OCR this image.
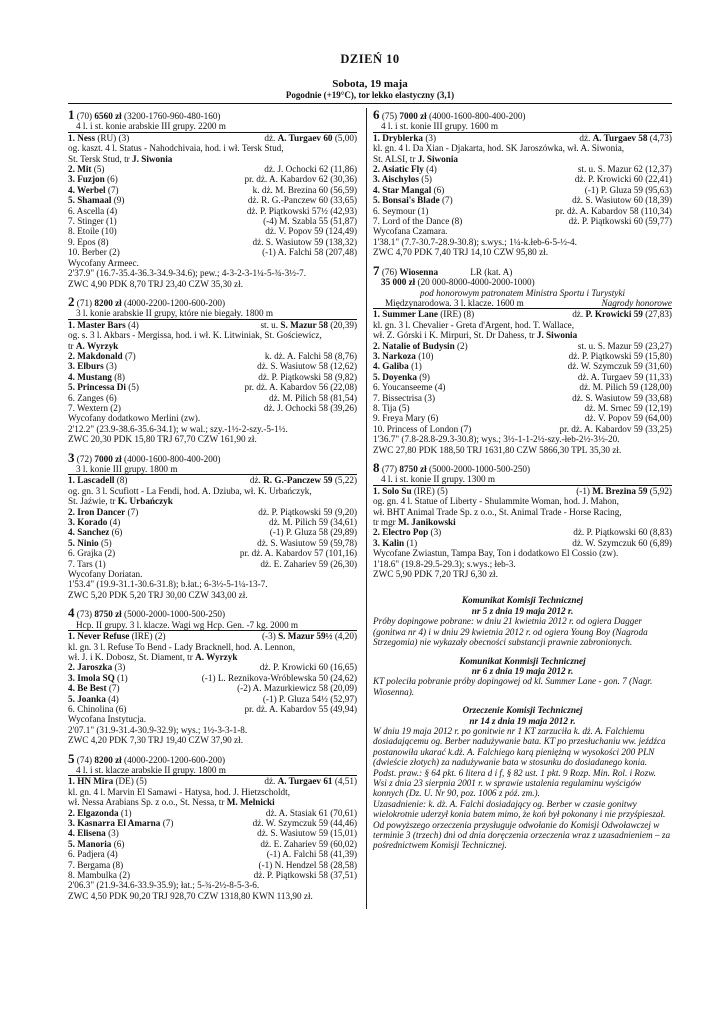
DZIEŃ 10
Sobota, 19 maja
Pogodnie (+19°C), tor lekko elastyczny (3,1)
1 (70) 6560 zł (3200-1760-960-480-160)
4 l. i st. konie arabskie III grupy. 2200 m
1. Ness (RU) (3)	dż. A. Turgaev 60 (5,00)
og. kaszt. 4 l. Status - Nahodchivaia, hod. i wł. Tersk Stud,
St. Tersk Stud, tr J. Siwonia
2. Mit (5)	dż. J. Ochocki 62 (11,86)
3. Fuzjon (6)	pr. dż. A. Kabardov 62 (30,36)
4. Werbel (7)	k. dż. M. Brezina 60 (56,59)
5. Shamaal (9)	dż. R. G.-Panczew 60 (33,65)
6. Ascella (4)	dż. P. Piątkowski 57½ (42,93)
7. Stinger (1)	(-4) M. Szabla 55 (51,87)
8. Etoile (10)	dż. V. Popov 59 (124,49)
9. Epos (8)	dż. S. Wasiutow 59 (138,32)
10. Berber (2)	(-1) A. Falchi 58 (207,48)
Wycofany Armeec.
2'37.9" (16.7-35.4-36.3-34.9-34.6); pew.; 4-3-2-3-1¼-5-¾-3½-7.
ZWC 4,90 PDK 8,70 TRJ 23,40 CZW 35,30 zł.
2 (71) 8200 zł (4000-2200-1200-600-200)
3 l. konie arabskie II grupy, które nie biegały. 1800 m
1. Master Bars (4)	st. u. S. Mazur 58 (20,39)
og. s. 3 l. Akbars - Mergissa, hod. i wł. K. Litwiniak, St. Gościewicz,
tr A. Wyrzyk
2. Makdonald (7)	k. dż. A. Falchi 58 (8,76)
3. Elburs (3)	dż. S. Wasiutow 58 (12,62)
4. Mustang (8)	dż. P. Piątkowski 58 (9,82)
5. Princessa Di (5)	pr. dż. A. Kabardov 56 (22,08)
6. Zanges (6)	dż. M. Pilich 58 (81,54)
7. Wextern (2)	dż. J. Ochocki 58 (39,26)
Wycofany dodatkowo Merlini (zw).
2'12.2" (23.9-38.6-35.6-34.1); w wal.; szy.-1½-2-szy.-5-1½.
ZWC 20,30 PDK 15,80 TRJ 67,70 CZW 161,90 zł.
3 (72) 7000 zł (4000-1600-800-400-200)
3 l. konie III grupy. 1800 m
1. Lascadell (8)	dż. R. G.-Panczew 59 (5,22)
og. gn. 3 l. Scufiott - La Fendi, hod. A. Dziuba, wł. K. Urbańczyk,
St. Jaźwie, tr K. Urbańczyk
2. Iron Dancer (7)	dż. P. Piątkowski 59 (9,20)
3. Korado (4)	dż. M. Pilich 59 (34,61)
4. Sanchez (6)	(-1) P. Gluza 58 (29,89)
5. Ninio (5)	dż. S. Wasiutow 59 (59,78)
6. Grajka (2)	pr. dż. A. Kabardov 57 (101,16)
7. Tars (1)	dż. E. Zahariev 59 (26,30)
Wycofany Doriatan.
1'53.4" (19.9-31.1-30.6-31.8); b.łat.; 6-3½-5-1¼-13-7.
ZWC 5,20 PDK 5,20 TRJ 30,00 CZW 343,00 zł.
4 (73) 8750 zł (5000-2000-1000-500-250)
Hcp. II grupy. 3 l. klacze. Wagi wg Hcp. Gen. -7 kg. 2000 m
1. Never Refuse (IRE) (2)	(-3) S. Mazur 59½ (4,20)
kl. gn. 3 l. Refuse To Bend - Lady Bracknell, hod. A. Lennon,
wł. J. i K. Dobosz, St. Diament, tr A. Wyrzyk
2. Jaroszka (3)	dż. P. Krowicki 60 (16,65)
3. Imola SQ (1)	(-1) L. Reznikova-Wróblewska 50 (24,62)
4. Be Best (7)	(-2) A. Mazurkiewicz 58 (20,09)
5. Joanka (4)	(-1) P. Gluza 54½ (52,97)
6. Chinolina (6)	pr. dż. A. Kabardov 55 (49,94)
Wycofana Instytucja.
2'07.1" (31.9-31.4-30.9-32.9); wys.; 1½-3-3-1-8.
ZWC 4,20 PDK 7,30 TRJ 19,40 CZW 37,90 zł.
5 (74) 8200 zł (4000-2200-1200-600-200)
4 l. i st. klacze arabskie II grupy. 1800 m
1. HN Mira (DE) (5)	dż. A. Turgaev 61 (4,51)
kl. gn. 4 l. Marvin El Samawi - Hatysa, hod. J. Hietzscholdt,
wł. Nessa Arabians Sp. z o.o., St. Nessa, tr M. Melnicki
2. Elgazonda (1)	dż. A. Stasiak 61 (70,61)
3. Kasnarra El Amarna (7)	dż. W. Szymczuk 59 (44,46)
4. Elisena (3)	dż. S. Wasiutow 59 (15,01)
5. Manoria (6)	dż. E. Zahariev 59 (60,02)
6. Padjera (4)	(-1) A. Falchi 58 (41,39)
7. Bergama (8)	(-1) N. Hendzel 58 (28,58)
8. Mambulka (2)	dż. P. Piątkowski 58 (37,51)
2'06.3" (21.9-34.6-33.9-35.9); łat.; 5-¾-2½-8-5-3-6.
ZWC 4,50 PDK 90,20 TRJ 928,70 CZW 1318,80 KWN 113,90 zł.
6 (75) 7000 zł (4000-1600-800-400-200)
4 l. i st. konie III grupy. 1600 m
1. Dryblerka (3)	dż. A. Turgaev 58 (4,73)
kl. gn. 4 l. Da Xian - Djakarta, hod. SK Jaroszówka, wł. A. Siwonia,
St. ALSI, tr J. Siwonia
2. Asiatic Fly (4)	st. u. S. Mazur 62 (12,37)
3. Aischylos (5)	dż. P. Krowicki 60 (22,41)
4. Star Mangal (6)	(-1) P. Gluza 59 (95,63)
5. Bonsai's Blade (7)	dż. S. Wasiutow 60 (18,39)
6. Seymour (1)	pr. dż. A. Kabardov 58 (110,34)
7. Lord of the Dance (8)	dż. P. Piątkowski 60 (59,77)
Wycofana Czamara.
1'38.1" (7.7-30.7-28.9-30.8); s.wys.; 1¼-k.łeb-6-5-½-4.
ZWC 4,70 PDK 7,40 TRJ 14,10 CZW 95,80 zł.
7 (76) Wiosenna	LR (kat. A)
35 000 zł (20 000-8000-4000-2000-1000)
pod honorowym patronatem Ministra Sportu i Turystyki
Międzynarodowa. 3 l. klacze. 1600 m	Nagrody honorowe
1. Summer Lane (IRE) (8)	dż. P. Krowicki 59 (27,83)
kl. gn. 3 l. Chevalier - Greta d'Argent, hod. T. Wallace,
wł. Z. Górski i K. Mirpuri, St. Dr Dahess, tr J. Siwonia
2. Natalie of Budysin (2)	st. u. S. Mazur 59 (23,27)
3. Narkoza (10)	dż. P. Piątkowski 59 (15,80)
4. Galiba (1)	dż. W. Szymczuk 59 (31,60)
5. Doyenka (9)	dż. A. Turgaev 59 (11,33)
6. Youcanseeme (4)	dż. M. Pilich 59 (128,00)
7. Bissectrisa (3)	dż. S. Wasiutow 59 (33,68)
8. Tija (5)	dż. M. Srnec 59 (12,19)
9. Freya Mary (6)	dż. V. Popov 59 (64,00)
10. Princess of London (7)	pr. dż. A. Kabardov 59 (33,25)
1'36.7" (7.8-28.8-29.3-30.8); wys.; 3½-1-1-2½-szy.-łeb-2½-3½-20.
ZWC 27,80 PDK 188,50 TRJ 1631,80 CZW 5866,30 TPL 35,30 zł.
8 (77) 8750 zł (5000-2000-1000-500-250)
4 l. i st. konie II grupy. 1300 m
1. Solo Su (IRE) (5)	(-1) M. Brezina 59 (5,92)
og. gn. 4 l. Statue of Liberty - Shulammite Woman, hod. J. Mahon,
wł. BHT Animal Trade Sp. z o.o., St. Animal Trade - Horse Racing,
tr mgr M. Janikowski
2. Electro Pop (3)	dż. P. Piątkowski 60 (8,83)
3. Kalin (1)	dż. W. Szymczuk 60 (6,89)
Wycofane Zwiastun, Tampa Bay, Ton i dodatkowo El Cossio (zw).
1'18.6" (19.8-29.5-29.3); s.wys.; łeb-3.
ZWC 5,90 PDK 7,20 TRJ 6,30 zł.
Komunikat Komisji Technicznej
nr 5 z dnia 19 maja 2012 r.
Próby dopingowe pobrane: w dniu 21 kwietnia 2012 r. od ogiera Dagger (gonitwa nr 4) i w dniu 29 kwietnia 2012 r. od ogiera Young Boy (Nagroda Strzegomia) nie wykazały obecności substancji prawnie zabronionych.
Komunikat Konmisji Technicznej
nr 6 z dnia 19 maja 2012 r.
KT poleciła pobranie próby dopingowej od kl. Summer Lane - gon. 7 (Nagr. Wiosenna).
Orzeczenie Komisji Technicznej
nr 14 z dnia 19 maja 2012 r.
W dniu 19 maja 2012 r. po gonitwie nr 1 KT zarzuciła k. dż. A. Falchiemu dosiadającemu og. Berber nadużywanie bata. KT po przesłuchaniu ww. jeźdźca postanowiła ukarać k.dż. A. Falchiego karą pieniężną w wysokości 200 PLN (dwieście złotych) za nadużywanie bata w stosunku do dosiadanego konia.
Podst. praw.: § 64 pkt. 6 litera d i f, § 82 ust. 1 pkt. 9 Rozp. Min. Rol. i Rozw. Wsi z dnia 23 sierpnia 2001 r. w sprawie ustalenia regulaminu wyścigów konnych (Dz. U. Nr 90, poz. 1006 z póź. zm.).
Uzasadnienie: k. dż. A. Falchi dosiadający og. Berber w czasie gonitwy wielokrotnie uderzył konia batem mimo, że koń był pokonany i nie przyśpieszał.
Od powyższego orzeczenia przysługuje odwołanie do Komisji Odwoławczej w terminie 3 (trzech) dni od dnia doręczenia orzeczenia wraz z uzasadnieniem – za pośrednictwem Komisji Technicznej.
